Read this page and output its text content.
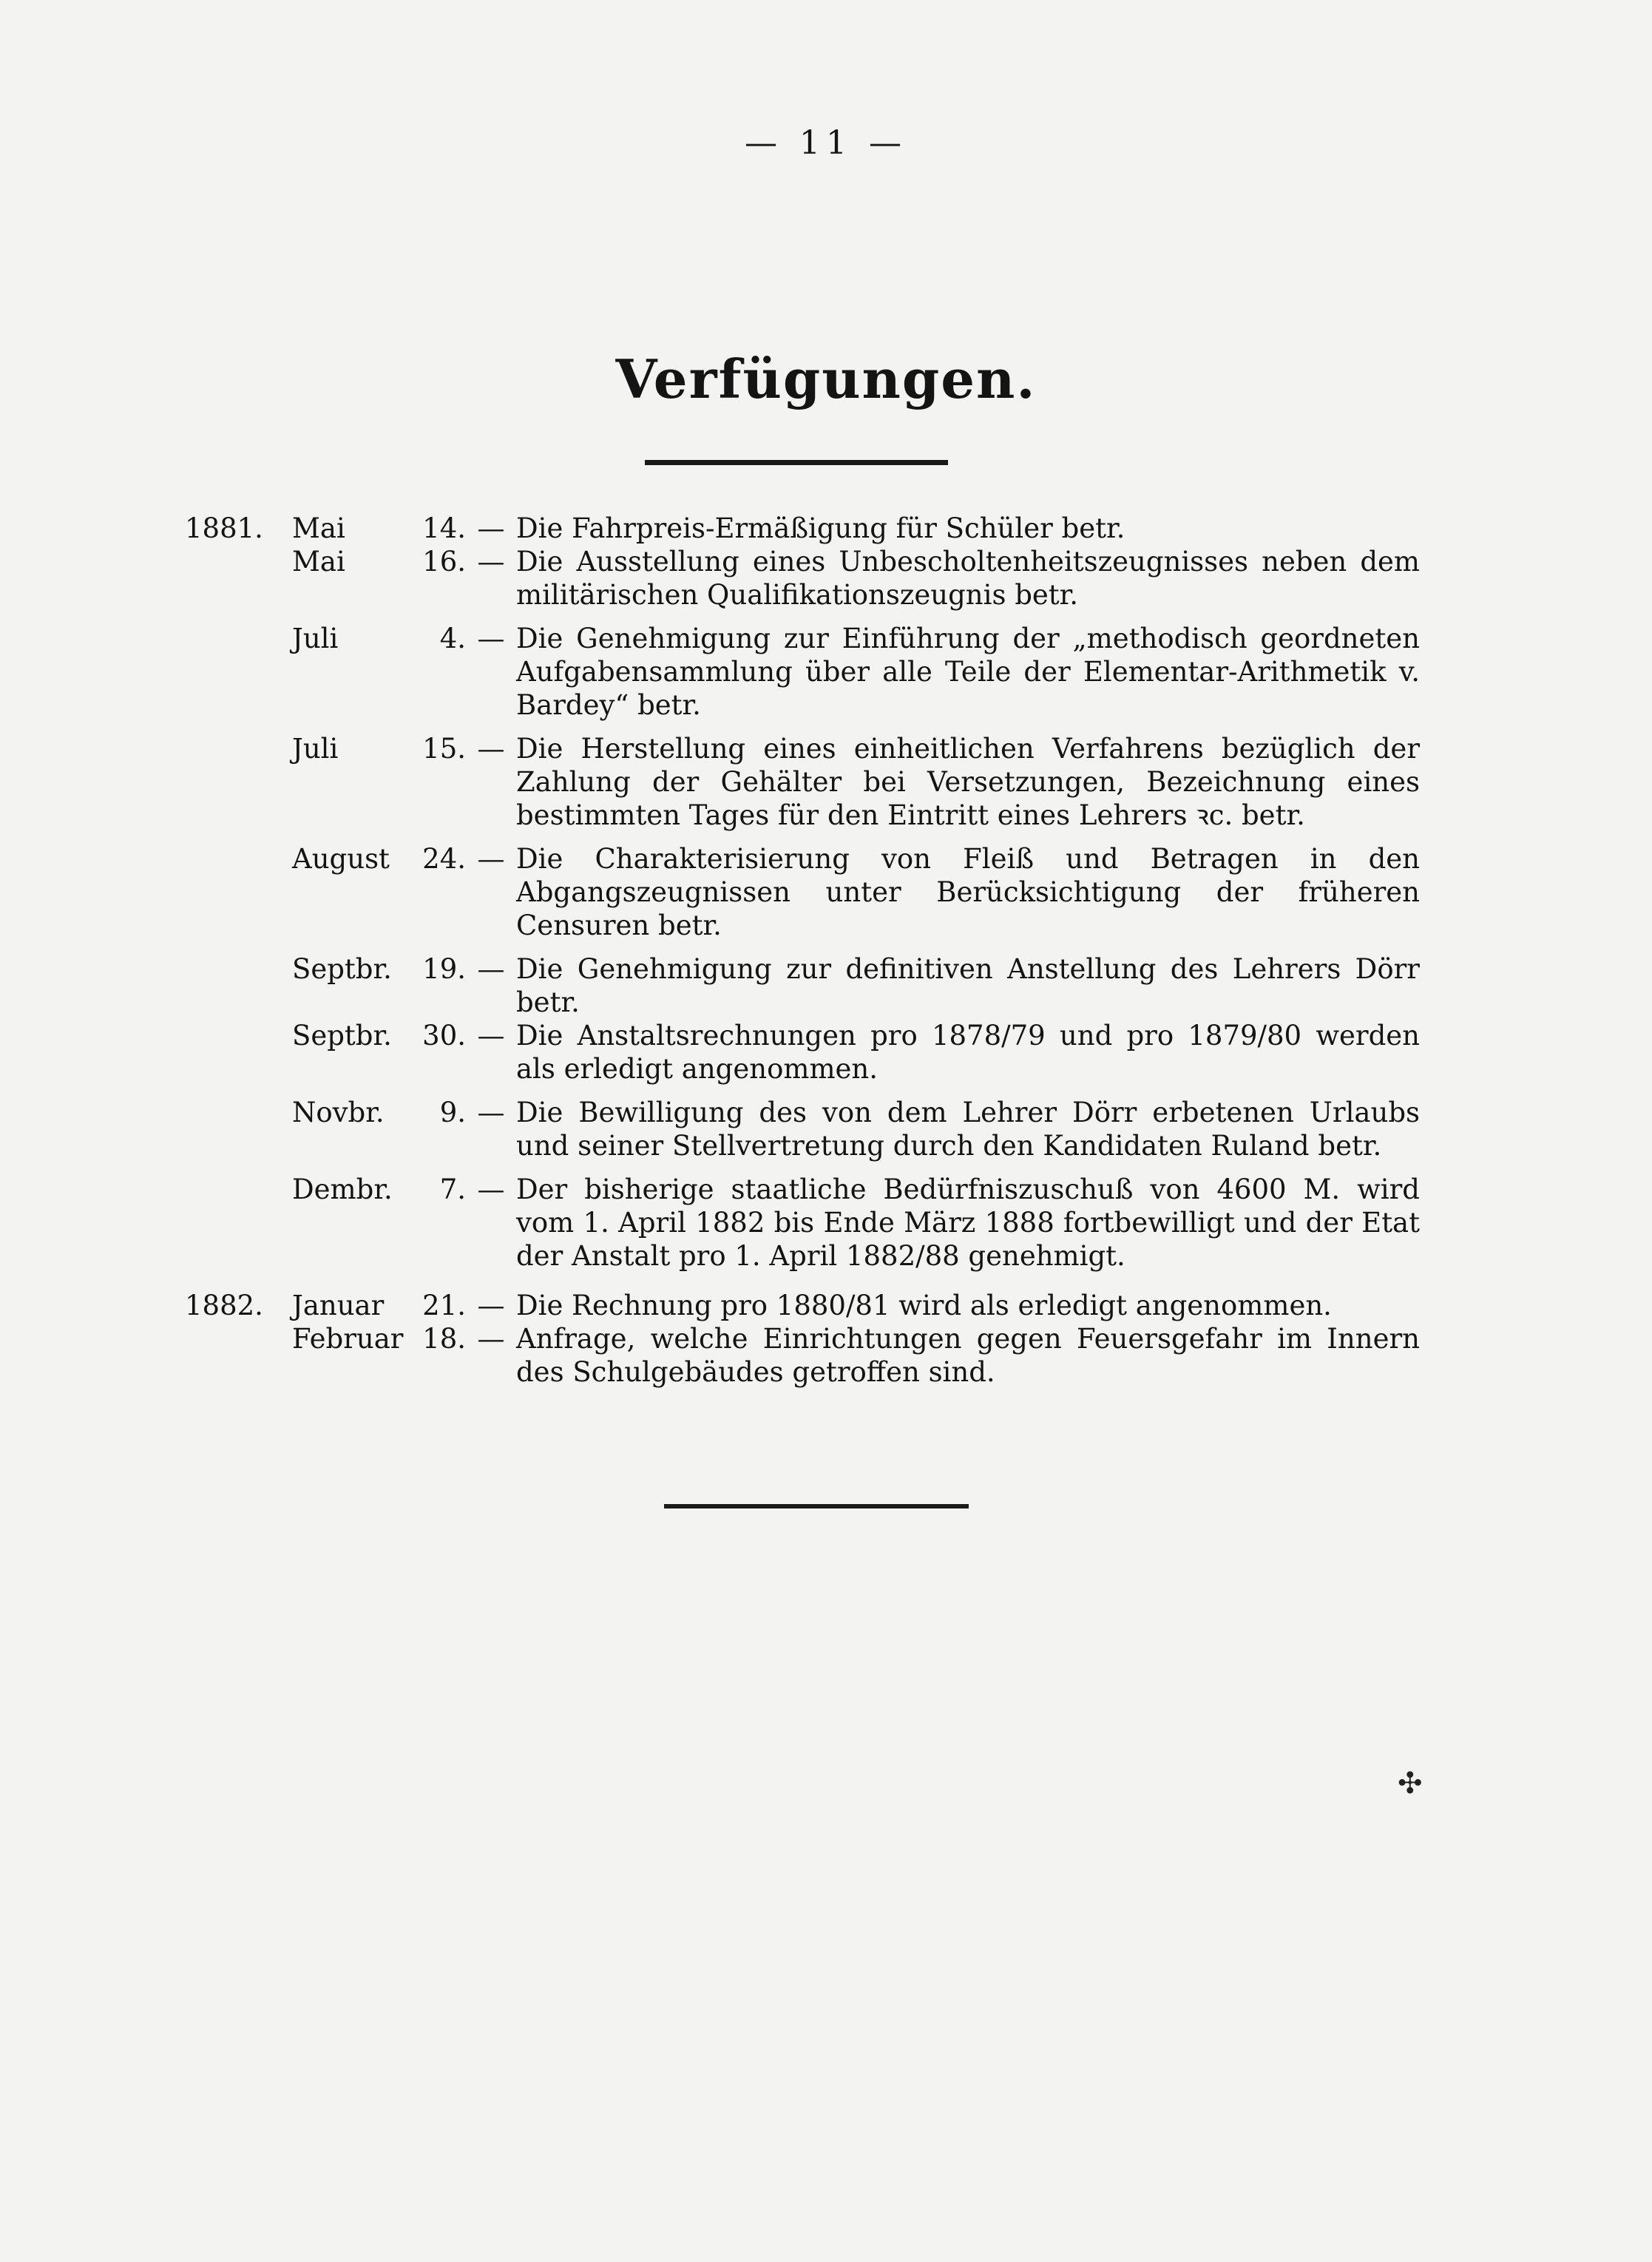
— 11 —
Verfügungen.
1881.	Mai	14. — Die Fahrpreis-Ermäßigung für Schüler betr.
Mai	16. — Die Ausstellung eines Unbescholtenheitszeugnisses neben dem militärischen Qualifikationszeugnis betr.
Juli	4. — Die Genehmigung zur Einführung der „methodisch geordneten Aufgabensammlung über alle Teile der Elementar-Arithmetik v. Bardey“ betr.
Juli	15. — Die Herstellung eines einheitlichen Verfahrens bezüglich der Zahlung der Gehälter bei Versetzungen, Bezeichnung eines bestimmten Tages für den Eintritt eines Lehrers ꝛc. betr.
August	24. — Die Charakterisierung von Fleiß und Betragen in den Abgangszeugnissen unter Berücksichtigung der früheren Censuren betr.
Septbr.	19. — Die Genehmigung zur definitiven Anstellung des Lehrers Dörr betr.
Septbr.	30. — Die Anstaltsrechnungen pro 1878/79 und pro 1879/80 werden als erledigt angenommen.
Novbr.	9. — Die Bewilligung des von dem Lehrer Dörr erbetenen Urlaubs und seiner Stellvertretung durch den Kandidaten Ruland betr.
Dembr.	7. — Der bisherige staatliche Bedürfniszuschuß von 4600 M. wird vom 1. April 1882 bis Ende März 1888 fortbewilligt und der Etat der Anstalt pro 1. April 1882/88 genehmigt.
1882.	Januar	21. — Die Rechnung pro 1880/81 wird als erledigt angenommen.
Februar 18. — Anfrage, welche Einrichtungen gegen Feuersgefahr im Innern des Schulgebäudes getroffen sind.
✣
